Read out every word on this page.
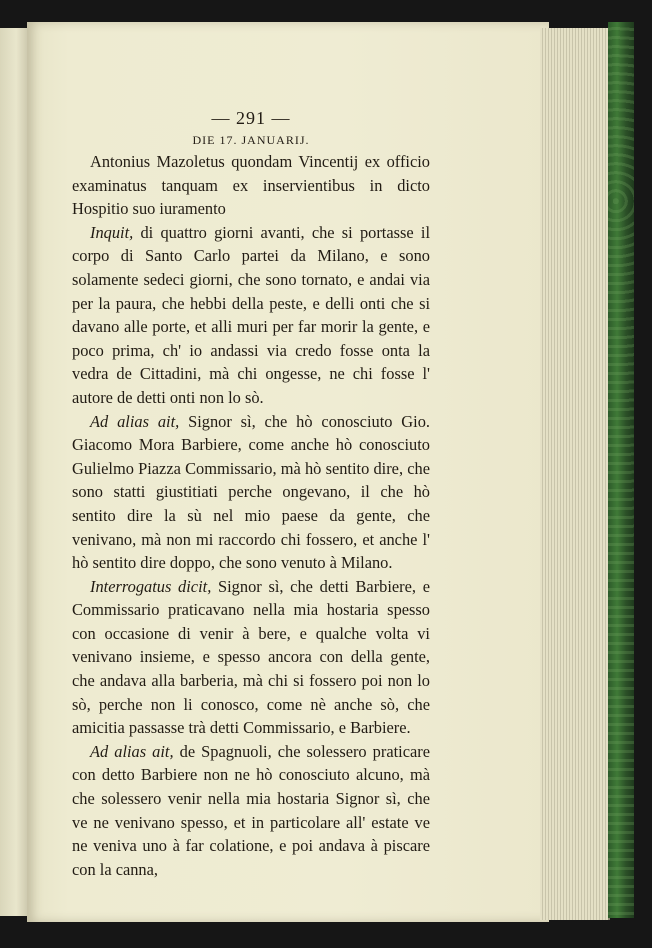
— 291 —
DIE 17. JANUARIJ.

Antonius Mazoletus quondam Vincentij ex officio examinatus tanquam ex inservientibus in dicto Hospitio suo iuramento

Inquit, di quattro giorni avanti, che si portasse il corpo di Santo Carlo partei da Milano, e sono solamente sedeci giorni, che sono tornato, e andai via per la paura, che hebbi della peste, e delli onti che si davano alle porte, et alli muri per far morir la gente, e poco prima, ch' io andassi via credo fosse onta la vedra de Cittadini, mà chi ongesse, ne chi fosse l' autore de detti onti non lo sò.

Ad alias ait, Signor sì, che hò conosciuto Gio. Giacomo Mora Barbiere, come anche hò conosciuto Gulielmo Piazza Commissario, mà hò sentito dire, che sono statti giustitiati perche ongevano, il che hò sentito dire la sù nel mio paese da gente, che venivano, mà non mi raccordo chi fossero, et anche l' hò sentito dire doppo, che sono venuto à Milano.

Interrogatus dicit, Signor sì, che detti Barbiere, e Commissario praticavano nella mia hostaria spesso con occasione di venir à bere, e qualche volta vi venivano insieme, e spesso ancora con della gente, che andava alla barberia, mà chi si fossero poi non lo sò, perche non li conosco, come nè anche sò, che amicitia passasse trà detti Commissario, e Barbiere.

Ad alias ait, de Spagnuoli, che solessero praticare con detto Barbiere non ne hò conosciuto alcuno, mà che solessero venir nella mia hostaria Signor sì, che ve ne venivano spesso, et in particolare all' estate ve ne veniva uno à far colatione, e poi andava à piscare con la canna,
